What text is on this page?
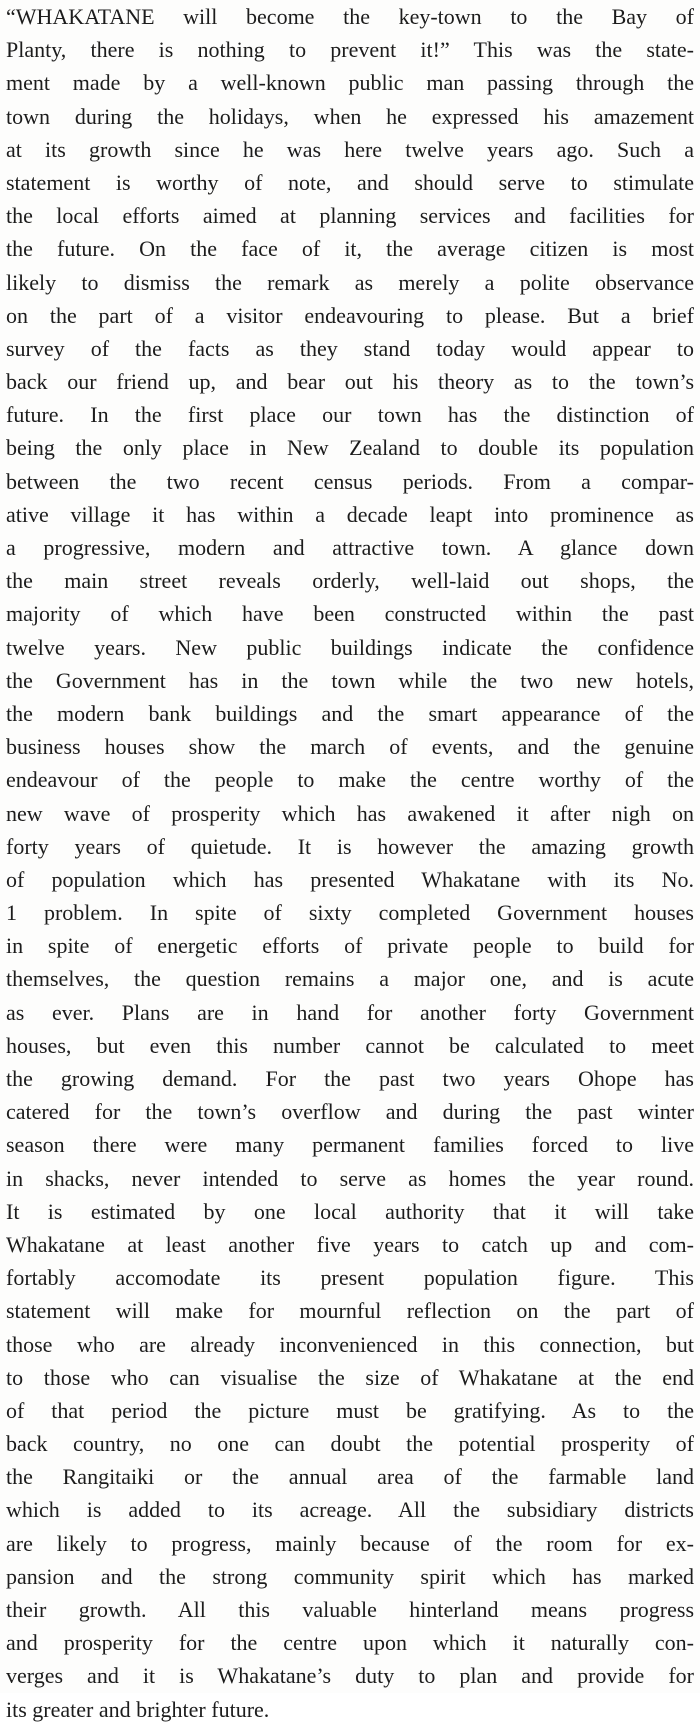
“WHAKATANE will become the key-town to the Bay of
Planty, there is nothing to prevent it!” This was the state-
ment made by a well-known public man passing through the
town during the holidays, when he expressed his amazement
at its growth since he was here twelve years ago. Such a
statement is worthy of note, and should serve to stimulate
the local efforts aimed at planning services and facilities for
the future. On the face of it, the average citizen is most
likely to dismiss the remark as merely a polite observance
on the part of a visitor endeavouring to please. But a brief
survey of the facts as they stand today would appear to
back our friend up, and bear out his theory as to the town’s
future. In the first place our town has the distinction of
being the only place in New Zealand to double its population
between the two recent census periods. From a compar-
ative village it has within a decade leapt into prominence as
a progressive, modern and attractive town. A glance down
the main street reveals orderly, well-laid out shops, the
majority of which have been constructed within the past
twelve years. New public buildings indicate the confidence
the Government has in the town while the two new hotels,
the modern bank buildings and the smart appearance of the
business houses show the march of events, and the genuine
endeavour of the people to make the centre worthy of the
new wave of prosperity which has awakened it after nigh on
forty years of quietude. It is however the amazing growth
of population which has presented Whakatane with its No.
1 problem. In spite of sixty completed Government houses
in spite of energetic efforts of private people to build for
themselves, the question remains a major one, and is acute
as ever. Plans are in hand for another forty Government
houses, but even this number cannot be calculated to meet
the growing demand. For the past two years Ohope has
catered for the town’s overflow and during the past winter
season there were many permanent families forced to live
in shacks, never intended to serve as homes the year round.
It is estimated by one local authority that it will take
Whakatane at least another five years to catch up and com-
fortably accomodate its present population figure. This
statement will make for mournful reflection on the part of
those who are already inconvenienced in this connection, but
to those who can visualise the size of Whakatane at the end
of that period the picture must be gratifying. As to the
back country, no one can doubt the potential prosperity of
the Rangitaiki or the annual area of the farmable land
which is added to its acreage. All the subsidiary districts
are likely to progress, mainly because of the room for ex-
pansion and the strong community spirit which has marked
their growth. All this valuable hinterland means progress
and prosperity for the centre upon which it naturally con-
verges and it is Whakatane’s duty to plan and provide for
its greater and brighter future.
